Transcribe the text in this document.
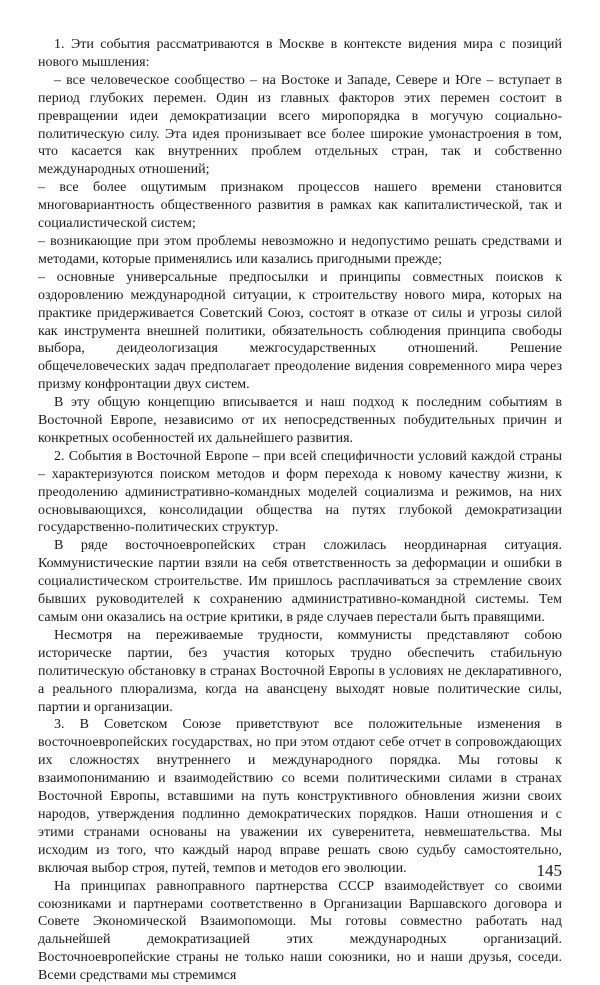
1. Эти события рассматриваются в Москве в контексте видения мира с позиций нового мышления:

– все человеческое сообщество – на Востоке и Западе, Севере и Юге – вступает в период глубоких перемен. Один из главных факторов этих перемен состоит в превращении идеи демократизации всего миропорядка в могучую социально-политическую силу. Эта идея пронизывает все более широкие умонастроения в том, что касается как внутренних проблем отдельных стран, так и собственно международных отношений;

– все более ощутимым признаком процессов нашего времени становится многовариантность общественного развития в рамках как капиталистической, так и социалистической систем;

– возникающие при этом проблемы невозможно и недопустимо решать средствами и методами, которые применялись или казались пригодными прежде;

– основные универсальные предпосылки и принципы совместных поисков к оздоровлению международной ситуации, к строительству нового мира, которых на практике придерживается Советский Союз, состоят в отказе от силы и угрозы силой как инструмента внешней политики, обязательность соблюдения принципа свободы выбора, деидеологизация межгосударственных отношений. Решение общечеловеческих задач предполагает преодоление видения современного мира через призму конфронтации двух систем.

В эту общую концепцию вписывается и наш подход к последним событиям в Восточной Европе, независимо от их непосредственных побудительных причин и конкретных особенностей их дальнейшего развития.

2. События в Восточной Европе – при всей специфичности условий каждой страны – характеризуются поиском методов и форм перехода к новому качеству жизни, к преодолению административно-командных моделей социализма и режимов, на них основывающихся, консолидации общества на путях глубокой демократизации государственно-политических структур.

В ряде восточноевропейских стран сложилась неординарная ситуация. Коммунистические партии взяли на себя ответственность за деформации и ошибки в социалистическом строительстве. Им пришлось расплачиваться за стремление своих бывших руководителей к сохранению административно-командной системы. Тем самым они оказались на острие критики, в ряде случаев перестали быть правящими.

Несмотря на переживаемые трудности, коммунисты представляют собою историческе партии, без участия которых трудно обеспечить стабильную политическую обстановку в странах Восточной Европы в условиях не декларативного, а реального плюрализма, когда на авансцену выходят новые политические силы, партии и организации.

3. В Советском Союзе приветствуют все положительные изменения в восточноевропейских государствах, но при этом отдают себе отчет в сопровождающих их сложностях внутреннего и международного порядка. Мы готовы к взаимопониманию и взаимодействию со всеми политическими силами в странах Восточной Европы, вставшими на путь конструктивного обновления жизни своих народов, утверждения подлинно демократических порядков. Наши отношения и с этими странами основаны на уважении их суверенитета, невмешательства. Мы исходим из того, что каждый народ вправе решать свою судьбу самостоятельно, включая выбор строя, путей, темпов и методов его эволюции.

На принципах равноправного партнерства СССР взаимодействует со своими союзниками и партнерами соответственно в Организации Варшавского договора и Совете Экономической Взаимопомощи. Мы готовы совместно работать над дальнейшей демократизацией этих международных организаций. Восточноевропейские страны не только наши союзники, но и наши друзья, соседи. Всеми средствами мы стремимся

145
